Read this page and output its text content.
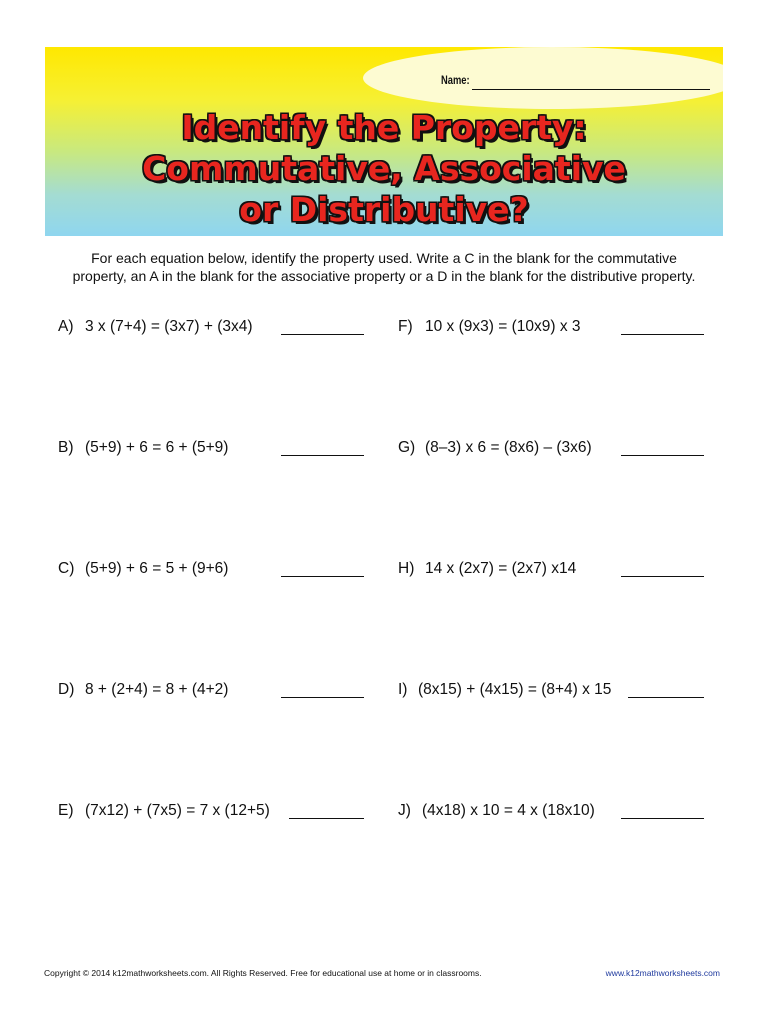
Name:
Identify the Property:
Commutative, Associative
or Distributive?
For each equation below, identify the property used. Write a C in the blank for the commutative
property, an A in the blank for the associative property or a D in the blank for the distributive property.
A) 3 x (7+4) = (3x7) + (3x4)
B) (5+9) + 6 = 6 + (5+9)
C) (5+9) + 6 = 5 + (9+6)
D) 8 + (2+4) = 8 + (4+2)
E) (7x12) + (7x5) = 7 x (12+5)
F) 10 x (9x3) = (10x9) x 3
G) (8–3) x 6 = (8x6) – (3x6)
H) 14 x (2x7) = (2x7) x14
I) (8x15) + (4x15) = (8+4) x 15
J) (4x18) x 10 = 4 x (18x10)
Copyright © 2014 k12mathworksheets.com. All Rights Reserved. Free for educational use at home or in classrooms.	www.k12mathworksheets.com
